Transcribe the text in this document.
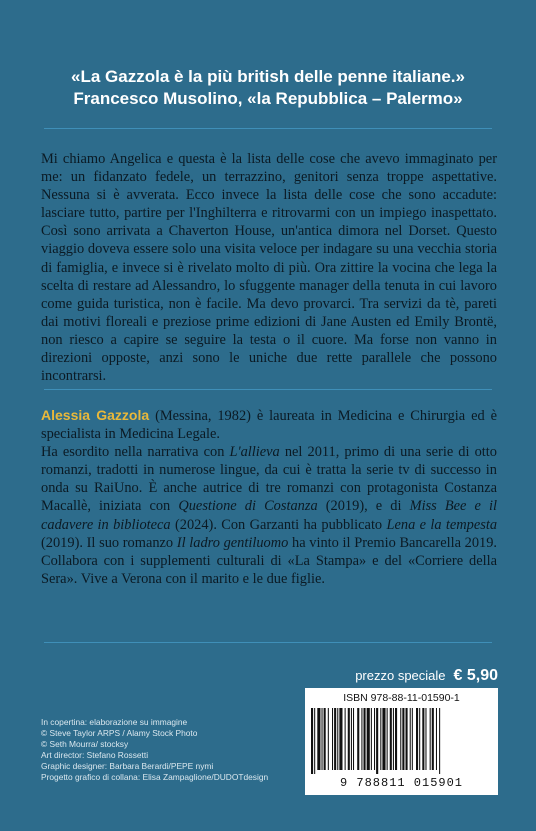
«La Gazzola è la più british delle penne italiane.»
Francesco Musolino, «la Repubblica – Palermo»
Mi chiamo Angelica e questa è la lista delle cose che avevo immaginato per me: un fidanzato fedele, un terrazzino, genitori senza troppe aspettative. Nessuna si è avverata. Ecco invece la lista delle cose che sono accadute: lasciare tutto, partire per l'Inghilterra e ritrovarmi con un impiego inaspettato. Così sono arrivata a Chaverton House, un'antica dimora nel Dorset. Questo viaggio doveva essere solo una visita veloce per indagare su una vecchia storia di famiglia, e invece si è rivelato molto di più. Ora zittire la vocina che lega la scelta di restare ad Alessandro, lo sfuggente manager della tenuta in cui lavoro come guida turistica, non è facile. Ma devo provarci. Tra servizi da tè, pareti dai motivi floreali e preziose prime edizioni di Jane Austen ed Emily Brontë, non riesco a capire se seguire la testa o il cuore. Ma forse non vanno in direzioni opposte, anzi sono le uniche due rette parallele che possono incontrarsi.

Alessia Gazzola (Messina, 1982) è laureata in Medicina e Chirurgia ed è specialista in Medicina Legale.

Ha esordito nella narrativa con L'allieva nel 2011, primo di una serie di otto romanzi, tradotti in numerose lingue, da cui è tratta la serie tv di successo in onda su RaiUno. È anche autrice di tre romanzi con protagonista Costanza Macallè, iniziata con Questione di Costanza (2019), e di Miss Bee e il cadavere in biblioteca (2024). Con Garzanti ha pubblicato Lena e la tempesta (2019). Il suo romanzo Il ladro gentiluomo ha vinto il Premio Bancarella 2019. Collabora con i supplementi culturali di «La Stampa» e del «Corriere della Sera». Vive a Verona con il marito e le due figlie.

prezzo speciale € 5,90
ISBN 978-88-11-01590-1
9 788811 015901
In copertina: elaborazione su immagine
© Steve Taylor ARPS / Alamy Stock Photo
© Seth Mourra/ stocksy
Art director: Stefano Rossetti
Graphic designer: Barbara Berardi/PEPE nymi
Progetto grafico di collana: Elisa Zampaglione/DUDOTdesign
